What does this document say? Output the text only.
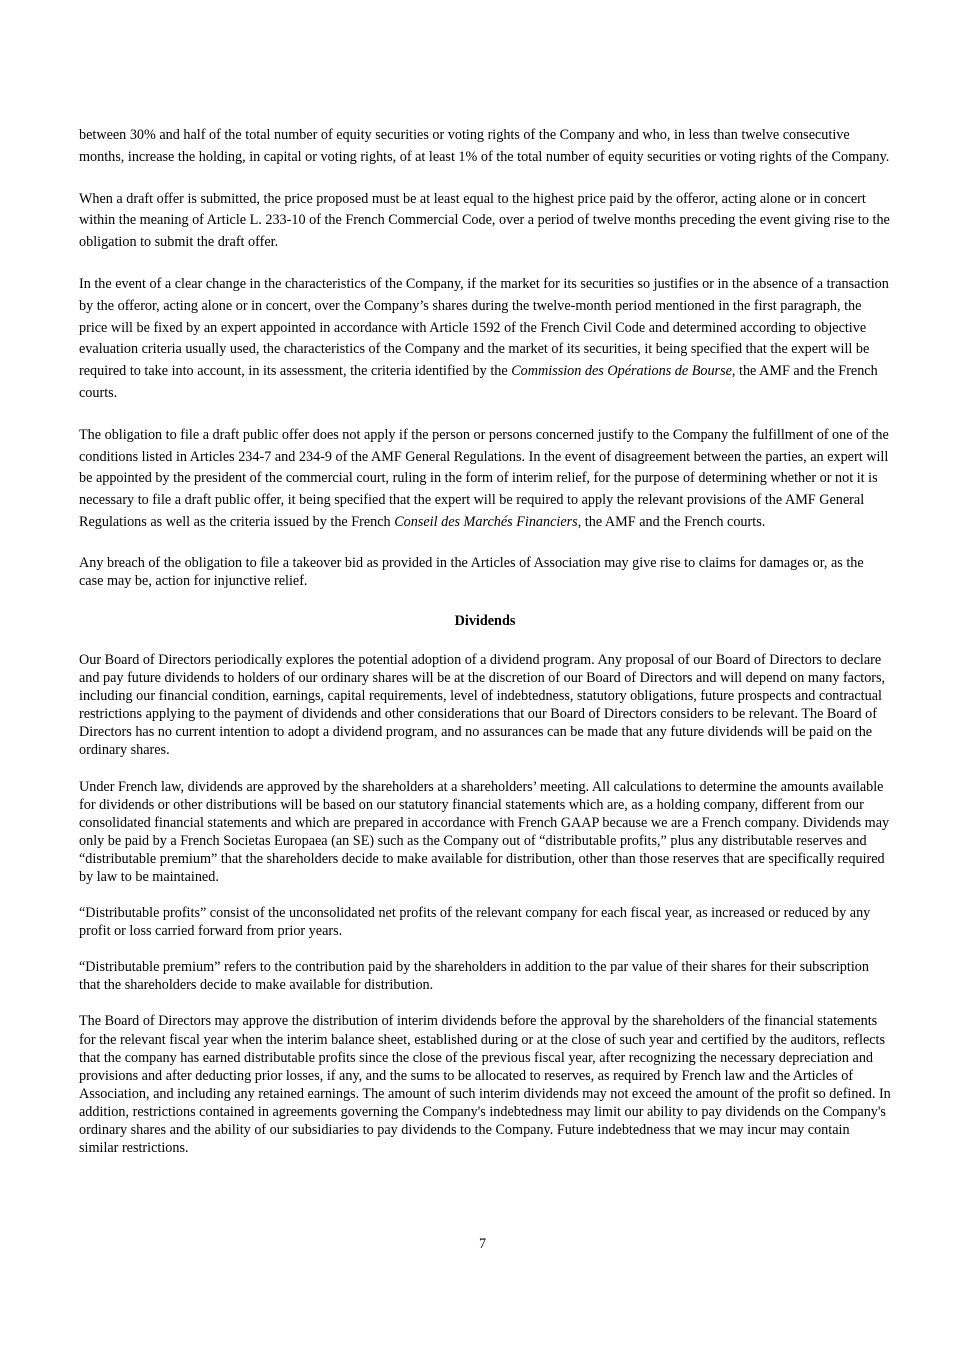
between 30% and half of the total number of equity securities or voting rights of the Company and who, in less than twelve consecutive months, increase the holding, in capital or voting rights, of at least 1% of the total number of equity securities or voting rights of the Company.

When a draft offer is submitted, the price proposed must be at least equal to the highest price paid by the offeror, acting alone or in concert within the meaning of Article L. 233-10 of the French Commercial Code, over a period of twelve months preceding the event giving rise to the obligation to submit the draft offer.

In the event of a clear change in the characteristics of the Company, if the market for its securities so justifies or in the absence of a transaction by the offeror, acting alone or in concert, over the Company’s shares during the twelve-month period mentioned in the first paragraph, the price will be fixed by an expert appointed in accordance with Article 1592 of the French Civil Code and determined according to objective evaluation criteria usually used, the characteristics of the Company and the market of its securities, it being specified that the expert will be required to take into account, in its assessment, the criteria identified by the Commission des Opérations de Bourse, the AMF and the French courts.

The obligation to file a draft public offer does not apply if the person or persons concerned justify to the Company the fulfillment of one of the conditions listed in Articles 234-7 and 234-9 of the AMF General Regulations. In the event of disagreement between the parties, an expert will be appointed by the president of the commercial court, ruling in the form of interim relief, for the purpose of determining whether or not it is necessary to file a draft public offer, it being specified that the expert will be required to apply the relevant provisions of the AMF General Regulations as well as the criteria issued by the French Conseil des Marchés Financiers, the AMF and the French courts.

Any breach of the obligation to file a takeover bid as provided in the Articles of Association may give rise to claims for damages or, as the case may be, action for injunctive relief.

Dividends

Our Board of Directors periodically explores the potential adoption of a dividend program. Any proposal of our Board of Directors to declare and pay future dividends to holders of our ordinary shares will be at the discretion of our Board of Directors and will depend on many factors, including our financial condition, earnings, capital requirements, level of indebtedness, statutory obligations, future prospects and contractual restrictions applying to the payment of dividends and other considerations that our Board of Directors considers to be relevant. The Board of Directors has no current intention to adopt a dividend program, and no assurances can be made that any future dividends will be paid on the ordinary shares.

Under French law, dividends are approved by the shareholders at a shareholders’ meeting. All calculations to determine the amounts available for dividends or other distributions will be based on our statutory financial statements which are, as a holding company, different from our consolidated financial statements and which are prepared in accordance with French GAAP because we are a French company. Dividends may only be paid by a French Societas Europaea (an SE) such as the Company out of “distributable profits,” plus any distributable reserves and “distributable premium” that the shareholders decide to make available for distribution, other than those reserves that are specifically required by law to be maintained.

“Distributable profits” consist of the unconsolidated net profits of the relevant company for each fiscal year, as increased or reduced by any profit or loss carried forward from prior years.

“Distributable premium” refers to the contribution paid by the shareholders in addition to the par value of their shares for their subscription that the shareholders decide to make available for distribution.

The Board of Directors may approve the distribution of interim dividends before the approval by the shareholders of the financial statements for the relevant fiscal year when the interim balance sheet, established during or at the close of such year and certified by the auditors, reflects that the company has earned distributable profits since the close of the previous fiscal year, after recognizing the necessary depreciation and provisions and after deducting prior losses, if any, and the sums to be allocated to reserves, as required by French law and the Articles of Association, and including any retained earnings. The amount of such interim dividends may not exceed the amount of the profit so defined. In addition, restrictions contained in agreements governing the Company's indebtedness may limit our ability to pay dividends on the Company's ordinary shares and the ability of our subsidiaries to pay dividends to the Company. Future indebtedness that we may incur may contain similar restrictions.

7
